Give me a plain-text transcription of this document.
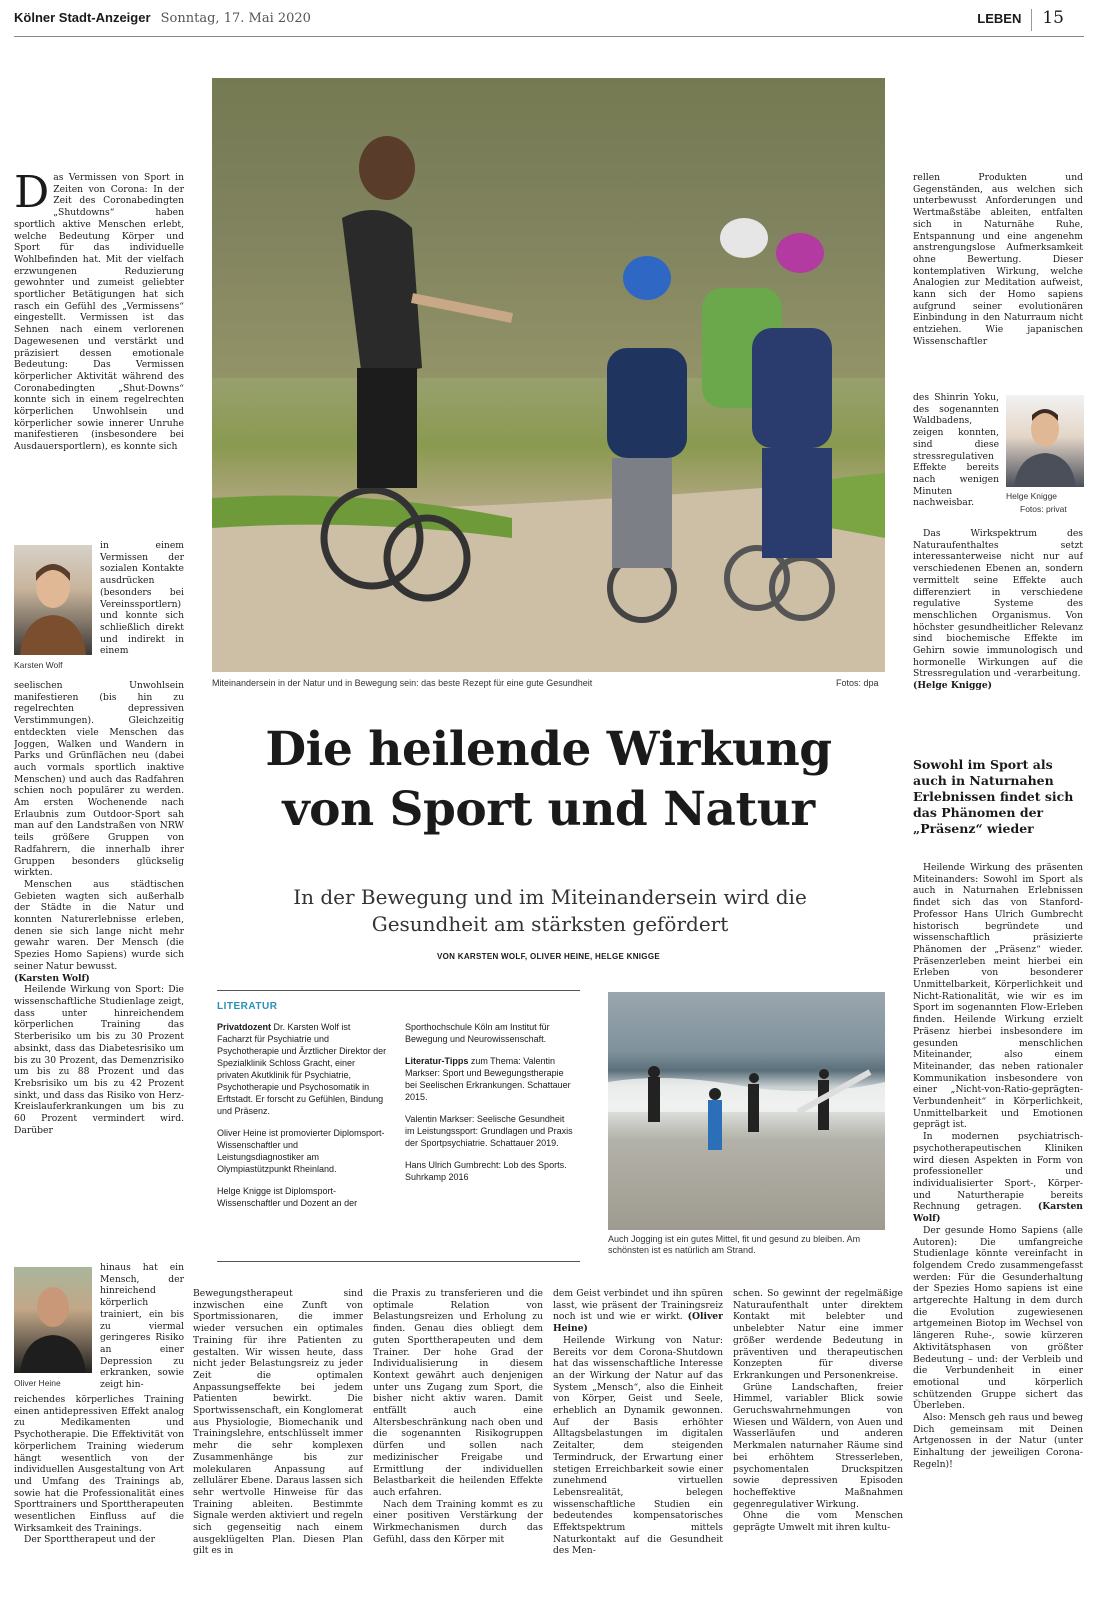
Kölner Stadt-Anzeiger Sonntag, 17. Mai 2020	LEBEN 15
Das Vermissen von Sport in Zeiten von Corona: In der Zeit des Coronabedingten „Shutdowns“ haben sportlich aktive Menschen erlebt, welche Bedeutung Körper und Sport für das individuelle Wohlbefinden hat. Mit der vielfach erzwungenen Reduzierung gewohnter und zumeist geliebter sportlicher Betätigungen hat sich rasch ein Gefühl des „Vermissens“ eingestellt. Vermissen ist das Sehnen nach einem verlorenen Dagewesenen und verstärkt und präzisiert dessen emotionale Bedeutung: Das Vermissen körperlicher Aktivität während des Coronabedingten „Shut-Downs“ konnte sich in einem regelrechten körperlichen Unwohlsein und körperlicher sowie innerer Unruhe manifestieren (insbesondere bei Ausdauersportlern), es konnte sich
Karsten Wolf

in einem Vermissen der sozialen Kontakte ausdrücken (besonders bei Vereinssportlern) und konnte sich schließlich direkt und indirekt in einem

seelischen Unwohlsein manifestieren (bis hin zu regelrechten depressiven Verstimmungen). Gleichzeitig entdeckten viele Menschen das Joggen, Walken und Wandern in Parks und Grünflächen neu (dabei auch vormals sportlich inaktive Menschen) und auch das Radfahren schien noch populärer zu werden. Am ersten Wochenende nach Erlaubnis zum Outdoor-Sport sah man auf den Landstraßen von NRW teils größere Gruppen von Radfahrern, die innerhalb ihrer Gruppen besonders glückselig wirkten.

Menschen aus städtischen Gebieten wagten sich außerhalb der Städte in die Natur und konnten Naturerlebnisse erleben, denen sie sich lange nicht mehr gewahr waren. Der Mensch (die Spezies Homo Sapiens) wurde sich seiner Natur bewusst.

(Karsten Wolf)

Heilende Wirkung von Sport: Die wissenschaftliche Studienlage zeigt, dass unter hinreichendem körperlichen Training das Sterberisiko um bis zu 30 Prozent absinkt, dass das Diabetesrisiko um bis zu 30 Prozent, das Demenzrisiko um bis zu 88 Prozent und das Krebsrisiko um bis zu 42 Prozent sinkt, und dass das Risiko von Herz-Kreislauferkrankungen um bis zu 60 Prozent vermindert wird. Darüber

Oliver Heine

hinaus hat ein Mensch, der hinreichend körperlich trainiert, ein bis zu viermal geringeres Risiko an einer Depression zu erkranken, sowie zeigt hin-

reichendes körperliches Training einen antidepressiven Effekt analog zu Medikamenten und Psychotherapie. Die Effektivität von körperlichem Training wiederum hängt wesentlich von der individuellen Ausgestaltung von Art und Umfang des Trainings ab, sowie hat die Professionalität eines Sporttrainers und Sporttherapeuten wesentlichen Einfluss auf die Wirksamkeit des Trainings.

Der Sporttherapeut und der

Miteinandersein in der Natur und in Bewegung sein: das beste Rezept für eine gute Gesundheit	Fotos: dpa
Die heilende Wirkung von Sport und Natur
In der Bewegung und im Miteinandersein wird die Gesundheit am stärksten gefördert
VON KARSTEN WOLF, OLIVER HEINE, HELGE KNIGGE
LITERATUR

Privatdozent Dr. Karsten Wolf ist Facharzt für Psychiatrie und Psychotherapie und Ärztlicher Direktor der Spezialklinik Schloss Gracht, einer privaten Akutklinik für Psychiatrie, Psychotherapie und Psychosomatik in Erftstadt. Er forscht zu Gefühlen, Bindung und Präsenz.

Oliver Heine ist promovierter Diplomsport-Wissenschaftler und Leistungsdiagnostiker am Olympiastützpunkt Rheinland.

Helge Knigge ist Diplomsport-Wissenschaftler und Dozent an der

Sporthochschule Köln am Institut für Bewegung und Neurowissenschaft.

Literatur-Tipps zum Thema: Valentin Markser: Sport und Bewegungstherapie bei Seelischen Erkrankungen. Schattauer 2015.

Valentin Markser: Seelische Gesundheit im Leistungssport: Grundlagen und Praxis der Sportpsychiatrie. Schattauer 2019.

Hans Ulrich Gumbrecht: Lob des Sports. Suhrkamp 2016

Auch Jogging ist ein gutes Mittel, fit und gesund zu bleiben. Am schönsten ist es natürlich am Strand.

Bewegungstherapeut sind inzwischen eine Zunft von Sportmissionaren, die immer wieder versuchen ein optimales Training für ihre Patienten zu gestalten. Wir wissen heute, dass nicht jeder Belastungsreiz zu jeder Zeit die optimalen Anpassungseffekte bei jedem Patienten bewirkt. Die Sportwissenschaft, ein Konglomerat aus Physiologie, Biomechanik und Trainingslehre, entschlüsselt immer mehr die sehr komplexen Zusammenhänge bis zur molekularen Anpassung auf zellulärer Ebene. Daraus lassen sich sehr wertvolle Hinweise für das Training ableiten. Bestimmte Signale werden aktiviert und regeln sich gegenseitig nach einem ausgeklügelten Plan. Diesen Plan gilt es in

die Praxis zu transferieren und die optimale Relation von Belastungsreizen und Erholung zu finden. Genau dies obliegt dem guten Sporttherapeuten und dem Trainer. Der hohe Grad der Individualisierung in diesem Kontext gewährt auch denjenigen unter uns Zugang zum Sport, die bisher nicht aktiv waren. Damit entfällt auch eine Altersbeschränkung nach oben und die sogenannten Risikogruppen dürfen und sollen nach medizinischer Freigabe und Ermittlung der individuellen Belastbarkeit die heilenden Effekte auch erfahren.

Nach dem Training kommt es zu einer positiven Verstärkung der Wirkmechanismen durch das Gefühl, dass den Körper mit

dem Geist verbindet und ihn spüren lasst, wie präsent der Trainingsreiz noch ist und wie er wirkt. (Oliver Heine)

Heilende Wirkung von Natur: Bereits vor dem Corona-Shutdown hat das wissenschaftliche Interesse an der Wirkung der Natur auf das System „Mensch“, also die Einheit von Körper, Geist und Seele, erheblich an Dynamik gewonnen. Auf der Basis erhöhter Alltagsbelastungen im digitalen Zeitalter, dem steigenden Termindruck, der Erwartung einer stetigen Erreichbarkeit sowie einer zunehmend virtuellen Lebensrealität, belegen wissenschaftliche Studien ein bedeutendes kompensatorisches Effektspektrum mittels Naturkontakt auf die Gesundheit des Men-

schen. So gewinnt der regelmäßige Naturaufenthalt unter direktem Kontakt mit belebter und unbelebter Natur eine immer größer werdende Bedeutung in präventiven und therapeutischen Konzepten für diverse Erkrankungen und Personenkreise.

Grüne Landschaften, freier Himmel, variabler Blick sowie Geruchswahrnehmungen von Wiesen und Wäldern, von Auen und Wasserläufen und anderen Merkmalen naturnaher Räume sind bei erhöhtem Stresserleben, psychomentalen Druckspitzen sowie depressiven Episoden hocheffektive Maßnahmen gegenregulativer Wirkung.

Ohne die vom Menschen geprägte Umwelt mit ihren kultu-

rellen Produkten und Gegenständen, aus welchen sich unterbewusst Anforderungen und Wertmaßstäbe ableiten, entfalten sich in Naturnähe Ruhe, Entspannung und eine angenehm anstrengungslose Aufmerksamkeit ohne Bewertung. Dieser kontemplativen Wirkung, welche Analogien zur Meditation aufweist, kann sich der Homo sapiens aufgrund seiner evolutionären Einbindung in den Naturraum nicht entziehen. Wie japanischen Wissenschaftler

Helge Knigge
Fotos: privat

des Shinrin Yoku, des sogenannten Waldbadens, zeigen konnten, sind diese stressregulativen Effekte bereits nach wenigen Minuten nachweisbar.

Das Wirkspektrum des Naturaufenthaltes setzt interessanterweise nicht nur auf verschiedenen Ebenen an, sondern vermittelt seine Effekte auch differenziert in verschiedene regulative Systeme des menschlichen Organismus. Von höchster gesundheitlicher Relevanz sind biochemische Effekte im Gehirn sowie immunologisch und hormonelle Wirkungen auf die Stressregulation und -verarbeitung.

(Helge Knigge)

Sowohl im Sport als auch in Naturnahen Erlebnissen findet sich das Phänomen der „Präsenz“ wieder

Heilende Wirkung des präsenten Miteinanders: Sowohl im Sport als auch in Naturnahen Erlebnissen findet sich das von Stanford-Professor Hans Ulrich Gumbrecht historisch begründete und wissenschaftlich präsizierte Phänomen der „Präsenz“ wieder. Präsenzerleben meint hierbei ein Erleben von besonderer Unmittelbarkeit, Körperlichkeit und Nicht-Rationalität, wie wir es im Sport im sogenannten Flow-Erleben finden. Heilende Wirkung erzielt Präsenz hierbei insbesondere im gesunden menschlichen Miteinander, also einem Miteinander, das neben rationaler Kommunikation insbesondere von einer „Nicht-von-Ratio-geprägten-Verbundenheit“ in Körperlichkeit, Unmittelbarkeit und Emotionen geprägt ist.

In modernen psychiatrisch-psychotherapeutischen Kliniken wird diesen Aspekten in Form von professioneller und individualisierter Sport-, Körper- und Naturtherapie bereits Rechnung getragen. (Karsten Wolf)

Der gesunde Homo Sapiens (alle Autoren): Die umfangreiche Studienlage könnte vereinfacht in folgendem Credo zusammengefasst werden: Für die Gesunderhaltung der Spezies Homo sapiens ist eine artgerechte Haltung in dem durch die Evolution zugewiesenen artgemeinen Biotop im Wechsel von längeren Ruhe-, sowie kürzeren Aktivitätsphasen von größter Bedeutung – und: der Verbleib und die Verbundenheit in einer emotional und körperlich schützenden Gruppe sichert das Überleben.

Also: Mensch geh raus und beweg Dich gemeinsam mit Deinen Artgenossen in der Natur (unter Einhaltung der jeweiligen Corona-Regeln)!
